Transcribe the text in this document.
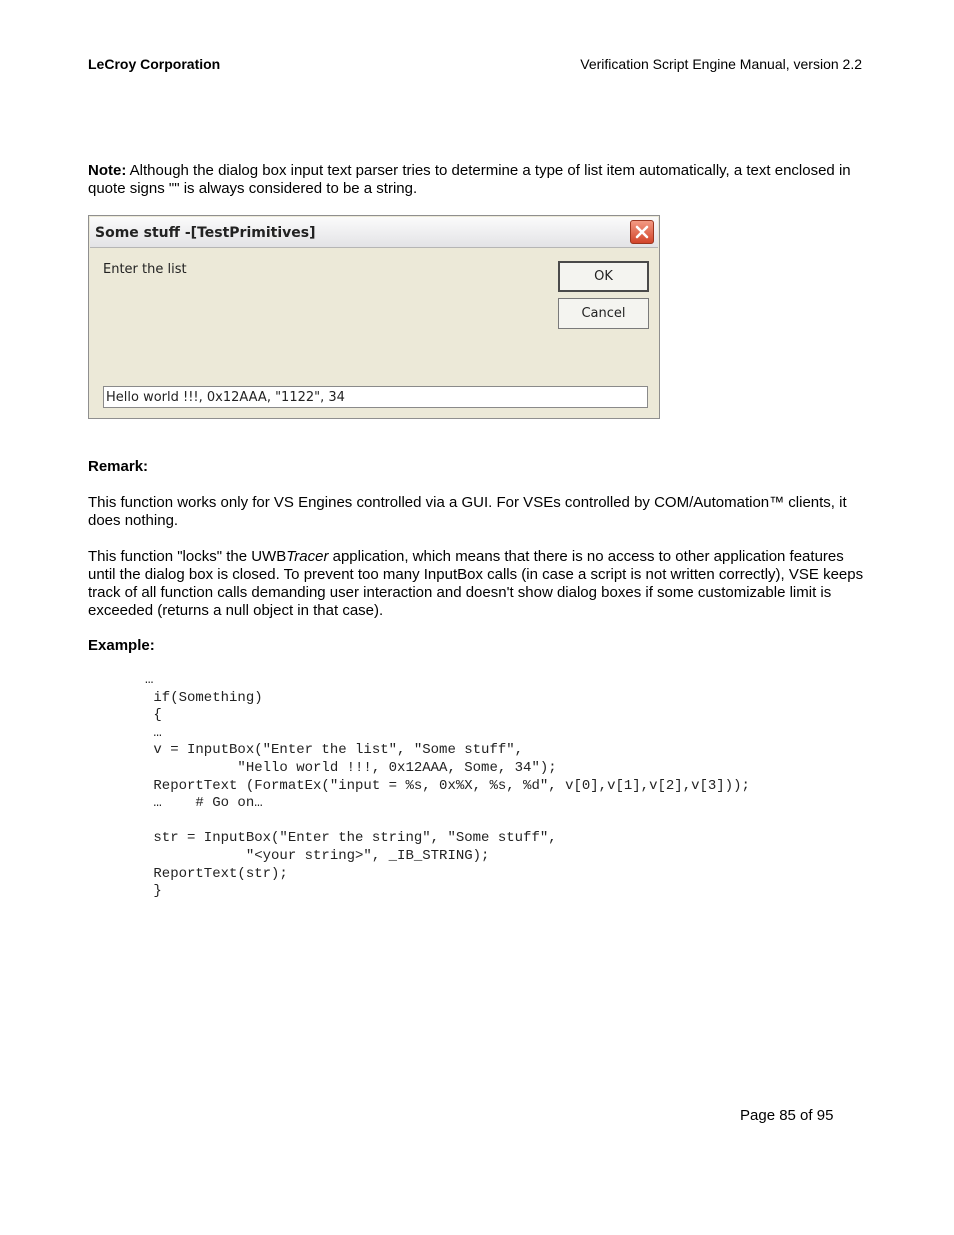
LeCroy Corporation	Verification Script Engine Manual, version 2.2

Note: Although the dialog box input text parser tries to determine a type of list item automatically, a text enclosed in quote signs "" is always considered to be a string.

Some stuff -[TestPrimitives]
Enter the list	OK
Cancel
Hello world !!!, 0x12AAA, "1122", 34

Remark:

This function works only for VS Engines controlled via a GUI. For VSEs controlled by COM/Automation™ clients, it does nothing.

This function "locks" the UWBTracer application, which means that there is no access to other application features until the dialog box is closed. To prevent too many InputBox calls (in case a script is not written correctly), VSE keeps track of all function calls demanding user interaction and doesn't show dialog boxes if some customizable limit is exceeded (returns a null object in that case).

Example:

…
if(Something)
{
…
v = InputBox("Enter the list", "Some stuff",
"Hello world !!!, 0x12AAA, Some, 34");
ReportText (FormatEx("input = %s, 0x%X, %s, %d", v[0],v[1],v[2],v[3]));
…    # Go on…

str = InputBox("Enter the string", "Some stuff",
"<your string>", _IB_STRING);
ReportText(str);
}
Page 85 of 95
